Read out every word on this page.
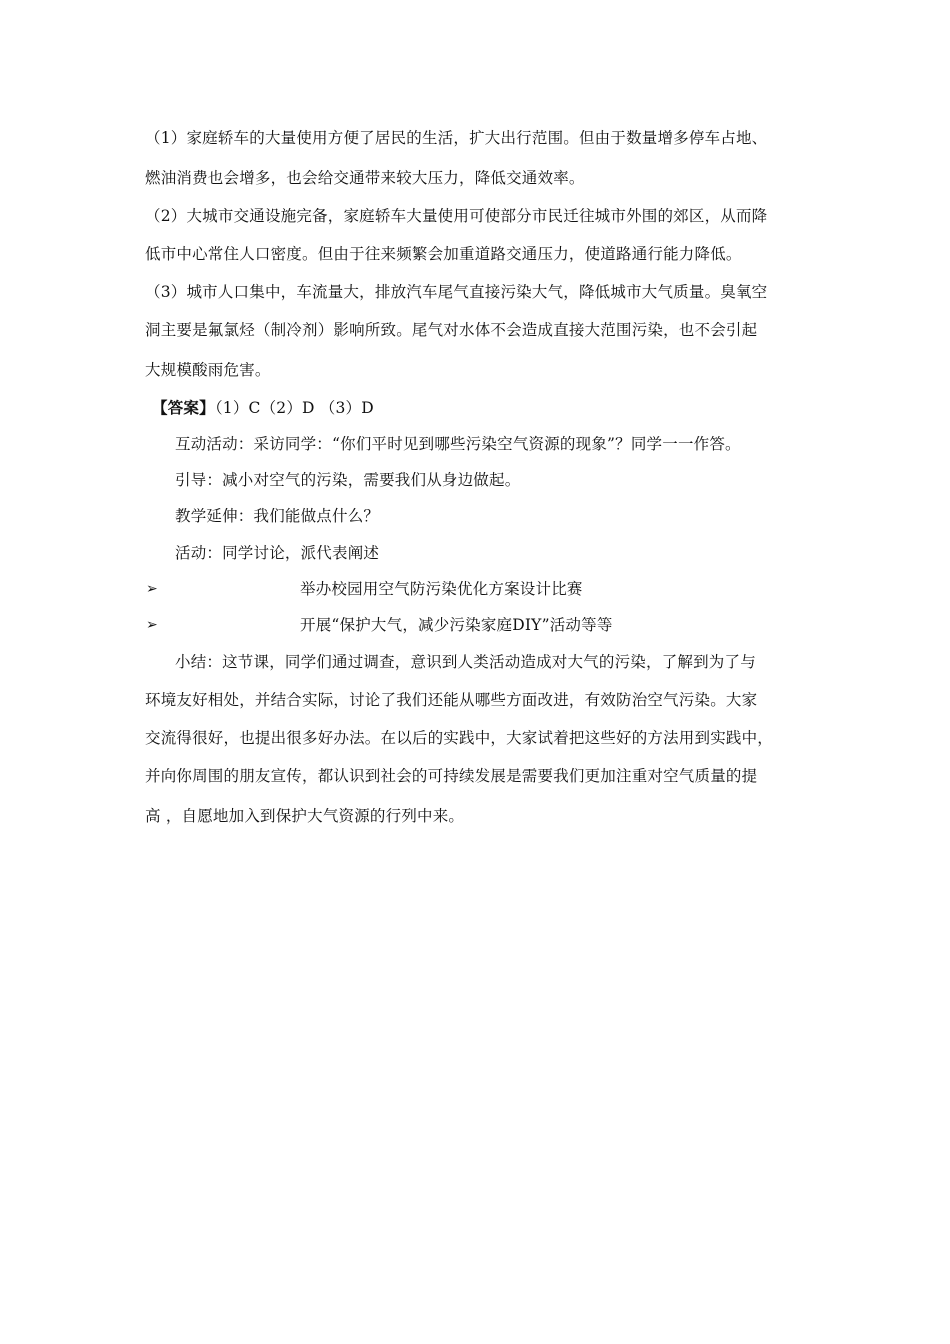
（1）家庭轿车的大量使用方便了居民的生活，扩大出行范围。但由于数量增多停车占地、
燃油消费也会增多，也会给交通带来较大压力，降低交通效率。
（2）大城市交通设施完备，家庭轿车大量使用可使部分市民迁往城市外围的郊区，从而降
低市中心常住人口密度。但由于往来频繁会加重道路交通压力，使道路通行能力降低。
（3）城市人口集中，车流量大，排放汽车尾气直接污染大气，降低城市大气质量。臭氧空
洞主要是氟氯烃（制冷剂）影响所致。尾气对水体不会造成直接大范围污染，也不会引起
大规模酸雨危害。
【答案】（1）C（2）D （3）D
互动活动：采访同学：“你们平时见到哪些污染空气资源的现象”？同学一一作答。
引导：减小对空气的污染，需要我们从身边做起。
教学延伸：我们能做点什么？
活动：同学讨论，派代表阐述
➢	举办校园用空气防污染优化方案设计比赛
➢	开展“保护大气，减少污染家庭DIY”活动等等
小结：这节课，同学们通过调查，意识到人类活动造成对大气的污染，了解到为了与
环境友好相处，并结合实际，讨论了我们还能从哪些方面改进，有效防治空气污染。大家
交流得很好，也提出很多好办法。在以后的实践中，大家试着把这些好的方法用到实践中，
并向你周围的朋友宣传，都认识到社会的可持续发展是需要我们更加注重对空气质量的提
高 ，自愿地加入到保护大气资源的行列中来。
